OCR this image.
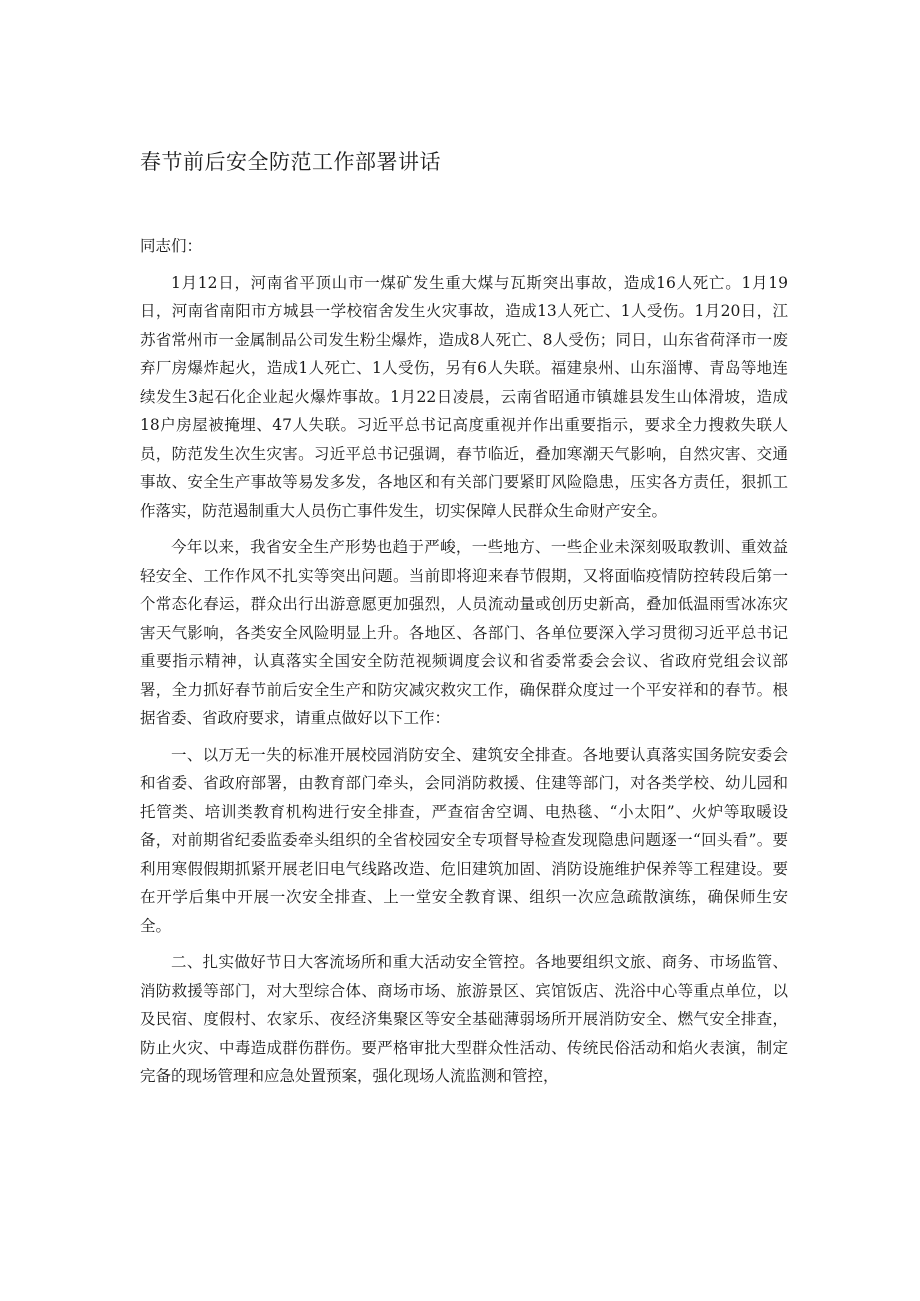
春节前后安全防范工作部署讲话

同志们：

1月12日，河南省平顶山市一煤矿发生重大煤与瓦斯突出事故，造成16人死亡。1月19日，河南省南阳市方城县一学校宿舍发生火灾事故，造成13人死亡、1人受伤。1月20日，江苏省常州市一金属制品公司发生粉尘爆炸，造成8人死亡、8人受伤；同日，山东省荷泽市一废弃厂房爆炸起火，造成1人死亡、1人受伤，另有6人失联。福建泉州、山东淄博、青岛等地连续发生3起石化企业起火爆炸事故。1月22日凌晨，云南省昭通市镇雄县发生山体滑坡，造成18户房屋被掩埋、47人失联。习近平总书记高度重视并作出重要指示，要求全力搜救失联人员，防范发生次生灾害。习近平总书记强调，春节临近，叠加寒潮天气影响，自然灾害、交通事故、安全生产事故等易发多发，各地区和有关部门要紧盯风险隐患，压实各方责任，狠抓工作落实，防范遏制重大人员伤亡事件发生，切实保障人民群众生命财产安全。

今年以来，我省安全生产形势也趋于严峻，一些地方、一些企业未深刻吸取教训、重效益轻安全、工作作风不扎实等突出问题。当前即将迎来春节假期，又将面临疫情防控转段后第一个常态化春运，群众出行出游意愿更加强烈，人员流动量或创历史新高，叠加低温雨雪冰冻灾害天气影响，各类安全风险明显上升。各地区、各部门、各单位要深入学习贯彻习近平总书记重要指示精神，认真落实全国安全防范视频调度会议和省委常委会会议、省政府党组会议部署，全力抓好春节前后安全生产和防灾减灾救灾工作，确保群众度过一个平安祥和的春节。根据省委、省政府要求，请重点做好以下工作：

一、以万无一失的标准开展校园消防安全、建筑安全排查。各地要认真落实国务院安委会和省委、省政府部署，由教育部门牵头，会同消防救援、住建等部门，对各类学校、幼儿园和托管类、培训类教育机构进行安全排查，严查宿舍空调、电热毯、“小太阳”、火炉等取暖设备，对前期省纪委监委牵头组织的全省校园安全专项督导检查发现隐患问题逐一“回头看”。要利用寒假假期抓紧开展老旧电气线路改造、危旧建筑加固、消防设施维护保养等工程建设。要在开学后集中开展一次安全排查、上一堂安全教育课、组织一次应急疏散演练，确保师生安全。

二、扎实做好节日大客流场所和重大活动安全管控。各地要组织文旅、商务、市场监管、消防救援等部门，对大型综合体、商场市场、旅游景区、宾馆饭店、洗浴中心等重点单位，以及民宿、度假村、农家乐、夜经济集聚区等安全基础薄弱场所开展消防安全、燃气安全排查，防止火灾、中毒造成群伤群伤。要严格审批大型群众性活动、传统民俗活动和焰火表演，制定完备的现场管理和应急处置预案，强化现场人流监测和管控，
